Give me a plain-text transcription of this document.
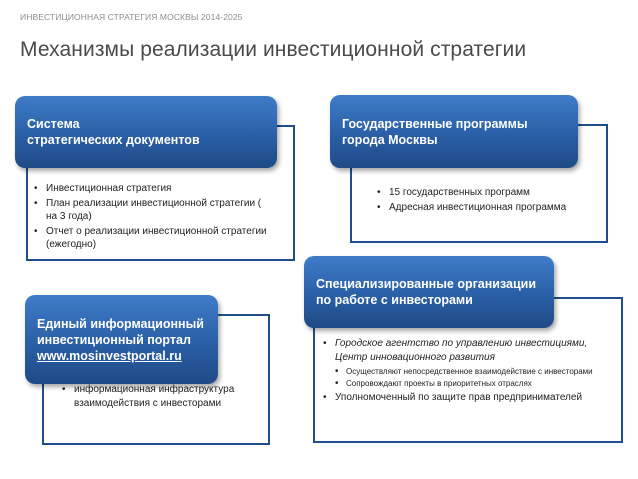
ИНВЕСТИЦИОННАЯ СТРАТЕГИЯ МОСКВЫ 2014-2025
Механизмы реализации инвестиционной стратегии
• Инвестиционная стратегия
• План реализации инвестиционной стратегии ( на 3 года)
• Отчет о реализации инвестиционной стратегии (ежегодно)
Система
стратегических документов
• 15 государственных программ
• Адресная инвестиционная программа
Государственные программы
города Москвы
• информационная инфраструктура взаимодействия с инвесторами
Единый информационный
инвестиционный портал
www.mosinvestportal.ru
• Городское агентство по управлению инвестициями, Центр инновационного развития
• Осуществляют непосредственное взаимодействие с инвесторами
• Сопровождают проекты в приоритетных отраслях
• Уполномоченный по защите прав предпринимателей
Специализированные организации
по работе с инвесторами
